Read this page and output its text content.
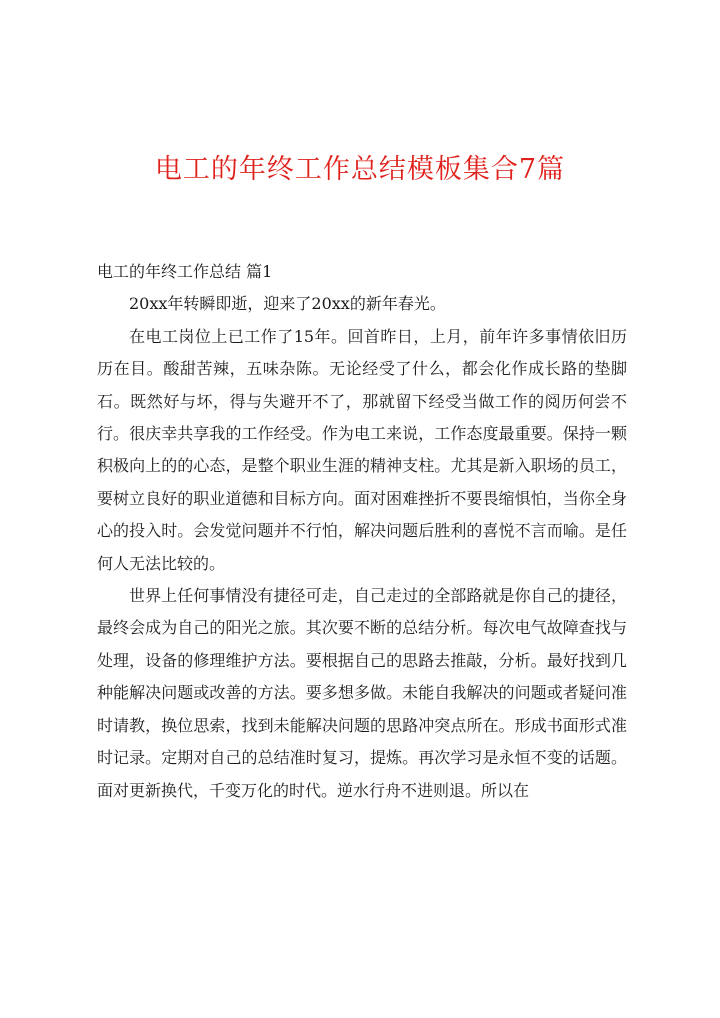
电工的年终工作总结模板集合7篇
电工的年终工作总结 篇1

20xx年转瞬即逝，迎来了20xx的新年春光。

在电工岗位上已工作了15年。回首昨日，上月，前年许多事情依旧历历在目。酸甜苦辣，五味杂陈。无论经受了什么，都会化作成长路的垫脚石。既然好与坏，得与失避开不了，那就留下经受当做工作的阅历何尝不行。很庆幸共享我的工作经受。作为电工来说，工作态度最重要。保持一颗积极向上的的心态，是整个职业生涯的精神支柱。尤其是新入职场的员工，要树立良好的职业道德和目标方向。面对困难挫折不要畏缩惧怕，当你全身心的投入时。会发觉问题并不行怕，解决问题后胜利的喜悦不言而喻。是任何人无法比较的。

世界上任何事情没有捷径可走，自己走过的全部路就是你自己的捷径，最终会成为自己的阳光之旅。其次要不断的总结分析。每次电气故障查找与处理，设备的修理维护方法。要根据自己的思路去推敲，分析。最好找到几种能解决问题或改善的方法。要多想多做。未能自我解决的问题或者疑问准时请教，换位思索，找到未能解决问题的思路冲突点所在。形成书面形式准时记录。定期对自己的总结准时复习，提炼。再次学习是永恒不变的话题。面对更新换代，千变万化的时代。逆水行舟不进则退。所以在
